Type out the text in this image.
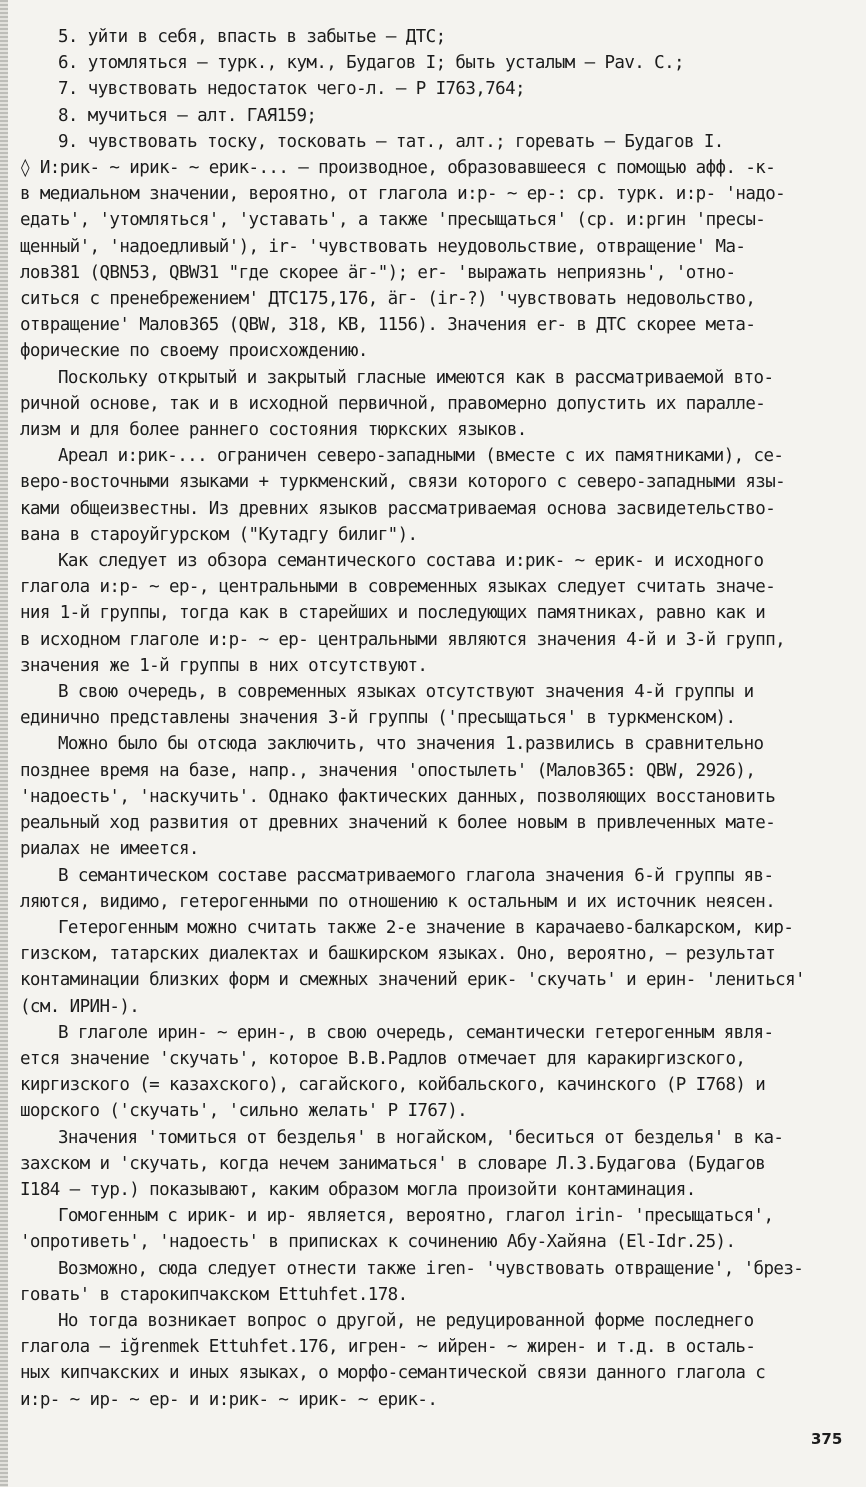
5. уйти в себя, впасть в забытье – ДТС;
6. утомляться – турк., кум., Будагов I; быть усталым – Pav. C.;
7. чувствовать недостаток чего-л. – Р I763,764;
8. мучиться – алт. ГАЯ159;
9. чувствовать тоску, тосковать – тат., алт.; горевать – Будагов I.
◊ И:рик- ~ ирик- ~ ерик-... – производное, образовавшееся с помощью афф. -к-
в медиальном значении, вероятно, от глагола и:р- ~ ер-: ср. турк. и:р- 'надо-
едать', 'утомляться', 'уставать', а также 'пресыщаться' (ср. и:ргин 'пресы-
щенный', 'надоедливый'), ir- 'чувствовать неудовольствие, отвращение' Ма-
лов381 (QBN53, QBW31 "где скорее äг-"); er- 'выражать неприязнь', 'отно-
ситься с пренебрежением' ДТС175,176, äг- (ir-?) 'чувствовать недовольство,
отвращение' Малов365 (QBW, 318, KB, 1156). Значения er- в ДТС скорее мета-
форические по своему происхождению.
Поскольку открытый и закрытый гласные имеются как в рассматриваемой вто-
ричной основе, так и в исходной первичной, правомерно допустить их паралле-
лизм и для более раннего состояния тюркских языков.
Ареал и:рик-... ограничен северо-западными (вместе с их памятниками), се-
веро-восточными языками + туркменский, связи которого с северо-западными язы-
ками общеизвестны. Из древних языков рассматриваемая основа засвидетельство-
вана в староуйгурском ("Кутадгу билиг").
Как следует из обзора семантического состава и:рик- ~ ерик- и исходного
глагола и:р- ~ ер-, центральными в современных языках следует считать значе-
ния 1-й группы, тогда как в старейших и последующих памятниках, равно как и
в исходном глаголе и:р- ~ ер- центральными являются значения 4-й и 3-й групп,
значения же 1-й группы в них отсутствуют.
В свою очередь, в современных языках отсутствуют значения 4-й группы и
единично представлены значения 3-й группы ('пресыщаться' в туркменском).
Можно было бы отсюда заключить, что значения 1.развились в сравнительно
позднее время на базе, напр., значения 'опостылеть' (Малов365: QBW, 2926),
'надоесть', 'наскучить'. Однако фактических данных, позволяющих восстановить
реальный ход развития от древних значений к более новым в привлеченных мате-
риалах не имеется.
В семантическом составе рассматриваемого глагола значения 6-й группы яв-
ляются, видимо, гетерогенными по отношению к остальным и их источник неясен.
Гетерогенным можно считать также 2-е значение в карачаево-балкарском, кир-
гизском, татарских диалектах и башкирском языках. Оно, вероятно, – результат
контаминации близких форм и смежных значений ерик- 'скучать' и ерин- 'лениться'
(см. ИРИН-).
В глаголе ирин- ~ ерин-, в свою очередь, семантически гетерогенным явля-
ется значение 'скучать', которое В.В.Радлов отмечает для каракиргизского,
киргизского (= казахского), сагайского, койбальского, качинского (Р I768) и
шорского ('скучать', 'сильно желать' Р I767).
Значения 'томиться от безделья' в ногайском, 'беситься от безделья' в ка-
захском и 'скучать, когда нечем заниматься' в словаре Л.З.Будагова (Будагов
I184 – тур.) показывают, каким образом могла произойти контаминация.
Гомогенным с ирик- и ир- является, вероятно, глагол irin- 'пресыщаться',
'опротиветь', 'надоесть' в приписках к сочинению Абу-Хайяна (El-Idr.25).
Возможно, сюда следует отнести также iren- 'чувствовать отвращение', 'брез-
говать' в старокипчакском Ettuhfet.178.
Но тогда возникает вопрос о другой, не редуцированной форме последнего
глагола – iğrenmek Ettuhfet.176, игрен- ~ ийрен- ~ жирен- и т.д. в осталь-
ных кипчакских и иных языках, о морфо-семантической связи данного глагола с
и:р- ~ ир- ~ ер- и и:рик- ~ ирик- ~ ерик-.
375
